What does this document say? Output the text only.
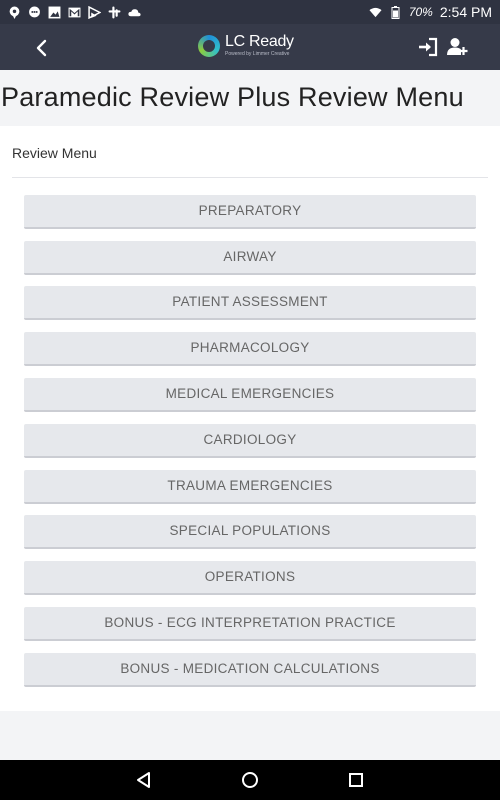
70% 2:54 PM
LC Ready
Powered by Limmer Creative
Paramedic Review Plus Review Menu
Review Menu
PREPARATORY
AIRWAY
PATIENT ASSESSMENT
PHARMACOLOGY
MEDICAL EMERGENCIES
CARDIOLOGY
TRAUMA EMERGENCIES
SPECIAL POPULATIONS
OPERATIONS
BONUS - ECG INTERPRETATION PRACTICE
BONUS - MEDICATION CALCULATIONS
